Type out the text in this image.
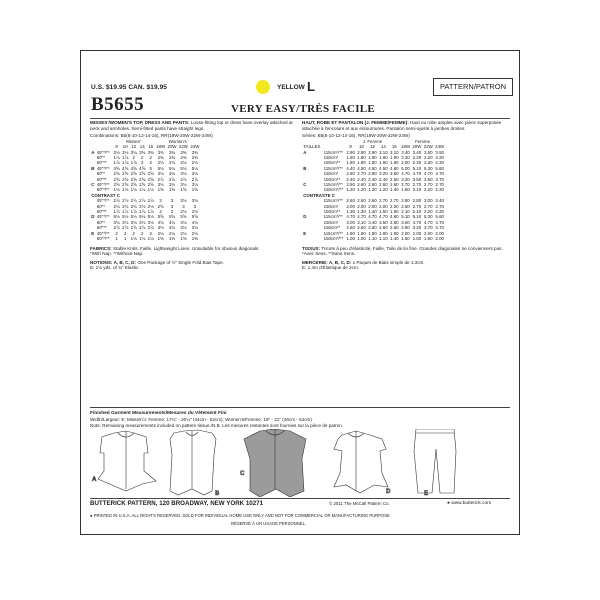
U.S. $19.95 CAN. $19.95	YELLOW L	PATTERN/PATRON
B5655	VERY EASY/TRÈS FACILE
MISSES'/WOMEN'S TOP, DRESS AND PANTS: Loose-fitting top or dress have overlay attached at neck and armholes. Semi-fitted pants have straight legs.
Combinations: B5(8-10-12-14-16), RR(18W-20W-22W-24W)
		Misses'					Women's			
		8	10	12	14	16	18W	20W	22W	24W
A	45"*/**	3⅛	3⅛	3⅛	3⅜	3⅜	3⅜	3⅜	3⅜	3⅜
	60"*	1⅞	1⅞	2	2	2	2⅜	2⅜	2⅜	2⅜
	60"**	1⅞	1⅞	1⅞	2	2	2⅛	2⅛	2⅛	2⅛
B	45"*/**	4⅝	4⅝	4⅝	4⅝	5	5⅛	5⅛	5⅛	5⅛
	60"*	2⅝	2⅝	2⅝	2⅝	2⅝	3⅛	3⅛	3⅛	3⅛
	60"**	2⅝	2⅝	2⅝	2⅝	2⅝	2⅞	2⅞	2⅞	2⅞
C	45"*/**	2⅝	2⅝	2⅝	2⅝	2⅝	3⅛	3⅛	3⅛	3⅛
	60"*/**	1⅛	1⅛	1⅛	1⅛	1⅛	1⅝	1⅝	1⅝	1⅝
CONTRAST C										
	45"*/**	2⅞	2⅞	2⅞	2⅞	2⅞	3	3	3⅛	3⅛
	60"*	2⅛	2⅛	2⅛	2⅛	2⅛	2⅝	3	3	3
	60"**	1⅞	1⅞	1⅞	1⅞	1⅞	2	2	2⅛	2⅛
D	45"*/**	5⅛	5⅛	5⅛	5⅛	5⅛	5⅝	5⅝	5⅝	5⅝
	60"*	3⅛	3⅛	3⅛	3⅛	3⅛	4⅛	4⅛	4⅛	4⅛
	60"**	2⅞	2⅞	2⅞	2⅞	2⅞	3⅛	3⅛	3⅛	3⅛
E	45"*/**	2	2	2	2	2	2⅛	2⅛	2⅛	2⅛
	60"*/**	1	1	1⅛	1⅛	1⅛	1⅜	1⅜	1⅜	1⅜
FABRICS: Stable Knits, Faille, Lightweight Linen. Unsuitable for obvious diagonals.
*With Nap. **Without Nap.
NOTIONS: A, B, C, D: One Package of ½" Single Fold Bias Tape.
E: 1⅛ yds. of ¾" Elastic.
HAUT, ROBE ET PANTALON (J. FEMME/FEMME): Haut ou robe amples avec pièce superposée attachée à l'encolure et aux entournures. Pantalon semi-ajusté à jambes droites.
Séries: B5(8-10-12-14-16), RR(18W-20W-22W-24W)
		J. Femme					Femme			
TAILLES		8	10	12	14	16	18W	20W	22W	24W
A	115cm*/**	2.90	2.90	2.90	3.10	3.10	3.40	3.40	3.50	3.50
	150cm*	1.80	1.80	1.90	1.90	1.90	2.20	2.20	2.20	2.20
	150cm**	1.80	1.80	1.80	1.90	1.90	2.00	2.30	2.30	2.30
B	115cm*/**	4.40	4.50	4.50	4.50	4.60	5.00	5.10	5.30	5.60
	150cm*	2.60	2.70	2.90	3.20	3.50	4.70	4.70	4.70	4.70
	150cm**	2.40	2.40	2.40	2.40	2.60	3.20	3.50	3.50	3.70
C	115cm*/**	2.50	2.60	2.60	2.60	2.60	2.70	2.70	2.70	2.70
	150cm*/**	1.20	1.20	1.20	1.20	1.40	1.60	2.10	2.20	2.20
CONTRASTE C										
	115cm*/**	2.60	2.60	2.60	2.70	2.70	2.80	2.80	3.00	3.40
	150cm*	2.00	2.00	2.00	2.00	2.00	2.60	2.70	2.70	2.70
	150cm**	1.30	1.30	1.40	1.50	1.60	2.10	2.10	2.20	2.20
D	115cm*/**	4.70	4.70	4.70	4.70	4.80	5.10	5.10	5.30	5.60
	150cm*	3.00	3.10	3.40	3.50	3.60	3.60	4.70	4.70	4.70
	150cm**	2.60	2.60	2.60	2.60	2.60	2.90	3.20	3.70	3.70
E	115cm*/**	1.90	1.90	1.90	1.90	1.90	2.00	2.00	2.00	2.00
	150cm*/**	1.00	1.00	1.10	1.10	1.40	1.60	1.60	1.90	2.00
TISSUS: Tricots à peu d'élasticité, Faille, Toile de lin fine. Grandes diagonales ne conviennent pas.
*Avec Sens. **Sans Sens.
MERCERIE: A, B, C, D: 1 Paquet de Biais simple de 1.3cm.
E: 1.4m d'Élastique de 2cm.
Finished Garment Measurements/Mesures du Vêtement Fini
Width/Largeur: E: Misses'/J. Femme: 17¼" - 20¼" (44cm - 52cm); Women's/Femme: 18" - 21" (46cm - 54cm)
Note: Remaining measurements included on pattern tissue./N.B. Les mesures restantes sont fournies sur la pièce de patron.
A
B
C
D	E
BUTTERICK PATTERN, 120 BROADWAY, NEW YORK 10271	© 2011 The McCall Pattern Co.	● www.butterick.com
● PRINTED IN U.S.A. ALL RIGHTS RESERVED. SOLD FOR INDIVIDUAL HOME USE ONLY AND NOT FOR COMMERCIAL OR MANUFACTURING PURPOSE
RÉSERVÉ À UN USAGE PERSONNEL.
